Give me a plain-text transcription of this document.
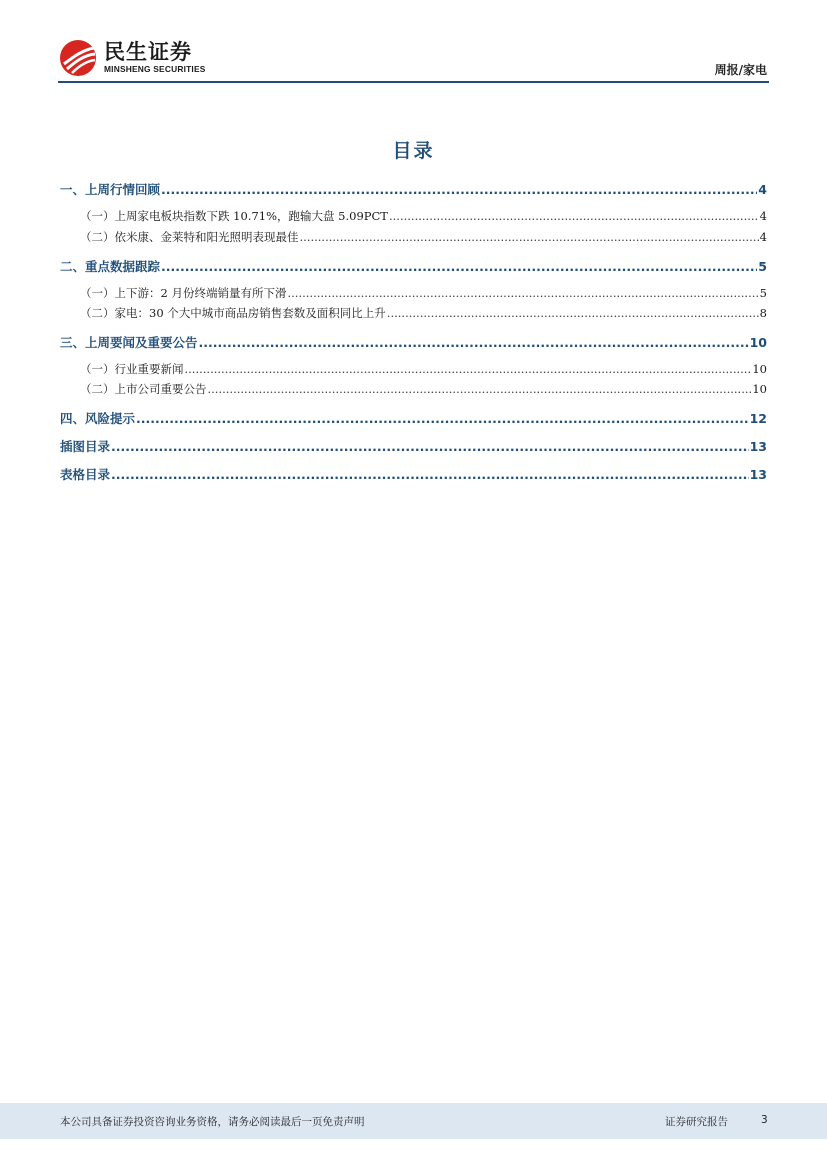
民生证券
MINSHENG SECURITIES	周报/家电
目录
一、上周行情回顾 .....	4
（一）上周家电板块指数下跌 10.71%，跑输大盘 5.09PCT .....	4
（二）依米康、金莱特和阳光照明表现最佳 .....	4
二、重点数据跟踪 .....	5
（一）上下游：2 月份终端销量有所下滑 .....	5
（二）家电：30 个大中城市商品房销售套数及面积同比上升 .....	8
三、上周要闻及重要公告 .....	10
（一）行业重要新闻 .....	10
（二）上市公司重要公告 .....	10
四、风险提示 .....	12
插图目录 .....	13
表格目录 .....	13
本公司具备证券投资咨询业务资格，请务必阅读最后一页免责声明	证券研究报告	3
